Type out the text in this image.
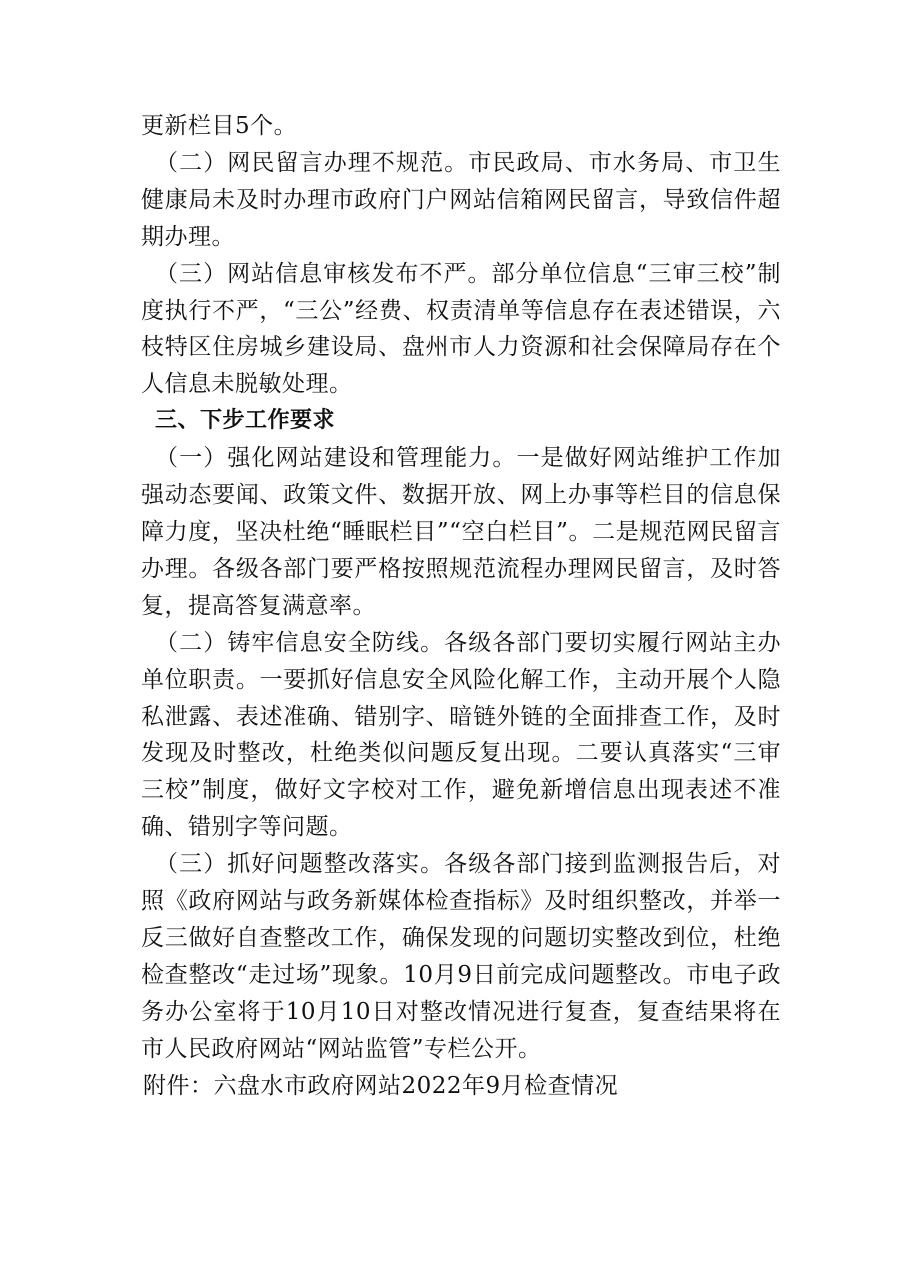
更新栏目5个。

（二）网民留言办理不规范。市民政局、市水务局、市卫生健康局未及时办理市政府门户网站信箱网民留言，导致信件超期办理。

（三）网站信息审核发布不严。部分单位信息“三审三校”制度执行不严，“三公”经费、权责清单等信息存在表述错误，六枝特区住房城乡建设局、盘州市人力资源和社会保障局存在个人信息未脱敏处理。

三、下步工作要求

（一）强化网站建设和管理能力。一是做好网站维护工作加强动态要闻、政策文件、数据开放、网上办事等栏目的信息保障力度，坚决杜绝“睡眠栏目”“空白栏目”。二是规范网民留言办理。各级各部门要严格按照规范流程办理网民留言，及时答复，提高答复满意率。

（二）铸牢信息安全防线。各级各部门要切实履行网站主办单位职责。一要抓好信息安全风险化解工作，主动开展个人隐私泄露、表述准确、错别字、暗链外链的全面排查工作，及时发现及时整改，杜绝类似问题反复出现。二要认真落实“三审三校”制度，做好文字校对工作，避免新增信息出现表述不准确、错别字等问题。

（三）抓好问题整改落实。各级各部门接到监测报告后，对照《政府网站与政务新媒体检查指标》及时组织整改，并举一反三做好自查整改工作，确保发现的问题切实整改到位，杜绝检查整改“走过场”现象。10月9日前完成问题整改。市电子政务办公室将于10月10日对整改情况进行复查，复查结果将在市人民政府网站“网站监管”专栏公开。

附件：六盘水市政府网站2022年9月检查情况
